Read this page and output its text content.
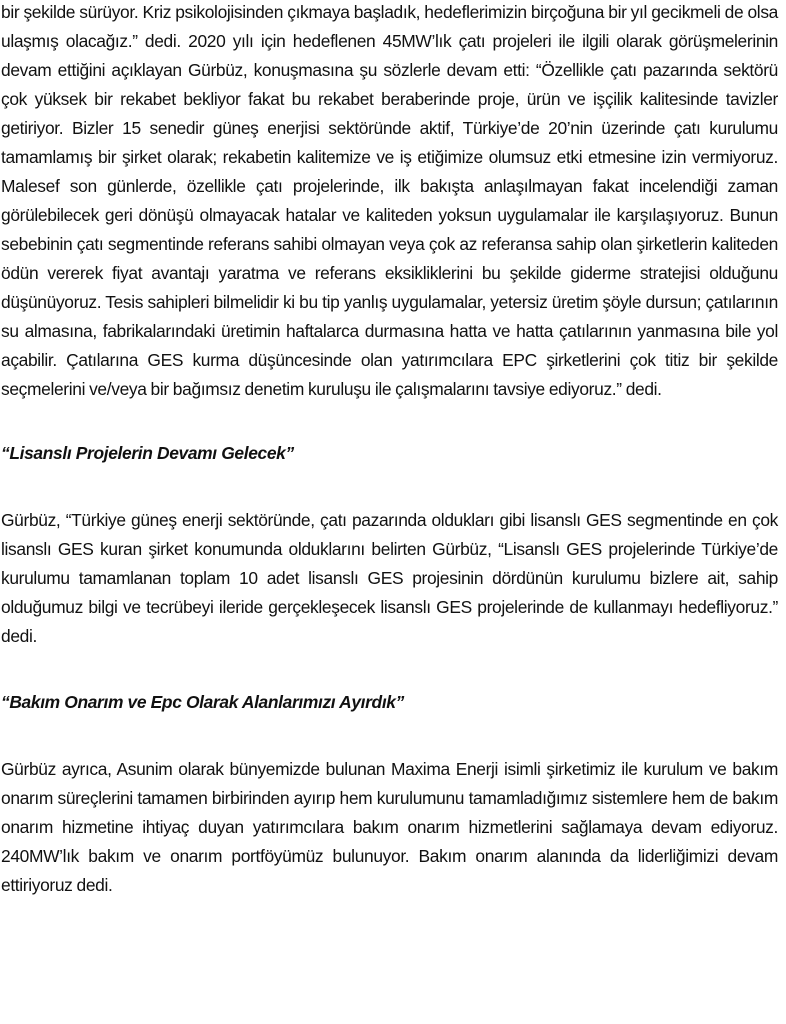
bir şekilde sürüyor. Kriz psikolojisinden çıkmaya başladık, hedeflerimizin birçoğuna bir yıl gecikmeli de olsa ulaşmış olacağız.” dedi. 2020 yılı için hedeflenen 45MW’lık çatı projeleri ile ilgili olarak görüşmelerinin devam ettiğini açıklayan Gürbüz, konuşmasına şu sözlerle devam etti: “Özellikle çatı pazarında sektörü çok yüksek bir rekabet bekliyor fakat bu rekabet beraberinde proje, ürün ve işçilik kalitesinde tavizler getiriyor. Bizler 15 senedir güneş enerjisi sektöründe aktif, Türkiye’de 20’nin üzerinde çatı kurulumu tamamlamış bir şirket olarak; rekabetin kalitemize ve iş etiğimize olumsuz etki etmesine izin vermiyoruz. Malesef son günlerde, özellikle çatı projelerinde, ilk bakışta anlaşılmayan fakat incelendiği zaman görülebilecek geri dönüşü olmayacak hatalar ve kaliteden yoksun uygulamalar ile karşılaşıyoruz. Bunun sebebinin çatı segmentinde referans sahibi olmayan veya çok az referansa sahip olan şirketlerin kaliteden ödün vererek fiyat avantajı yaratma ve referans eksikliklerini bu şekilde giderme stratejisi olduğunu düşünüyoruz. Tesis sahipleri bilmelidir ki bu tip yanlış uygulamalar, yetersiz üretim şöyle dursun; çatılarının su almasına, fabrikalarındaki üretimin haftalarca durmasına hatta ve hatta çatılarının yanmasına bile yol açabilir. Çatılarına GES kurma düşüncesinde olan yatırımcılara EPC şirketlerini çok titiz bir şekilde seçmelerini ve/veya bir bağımsız denetim kuruluşu ile çalışmalarını tavsiye ediyoruz.” dedi.

“Lisanslı Projelerin Devamı Gelecek”

Gürbüz, “Türkiye güneş enerji sektöründe, çatı pazarında oldukları gibi lisanslı GES segmentinde en çok lisanslı GES kuran şirket konumunda olduklarını belirten Gürbüz, “Lisanslı GES projelerinde Türkiye’de kurulumu tamamlanan toplam 10 adet lisanslı GES projesinin dördünün kurulumu bizlere ait, sahip olduğumuz bilgi ve tecrübeyi ileride gerçekleşecek lisanslı GES projelerinde de kullanmayı hedefliyoruz.” dedi.

“Bakım Onarım ve Epc Olarak Alanlarımızı Ayırdık”

Gürbüz ayrıca, Asunim olarak bünyemizde bulunan Maxima Enerji isimli şirketimiz ile kurulum ve bakım onarım süreçlerini tamamen birbirinden ayırıp hem kurulumunu tamamladığımız sistemlere hem de bakım onarım hizmetine ihtiyaç duyan yatırımcılara bakım onarım hizmetlerini sağlamaya devam ediyoruz. 240MW’lık bakım ve onarım portföyümüz bulunuyor. Bakım onarım alanında da liderliğimizi devam ettiriyoruz dedi.
